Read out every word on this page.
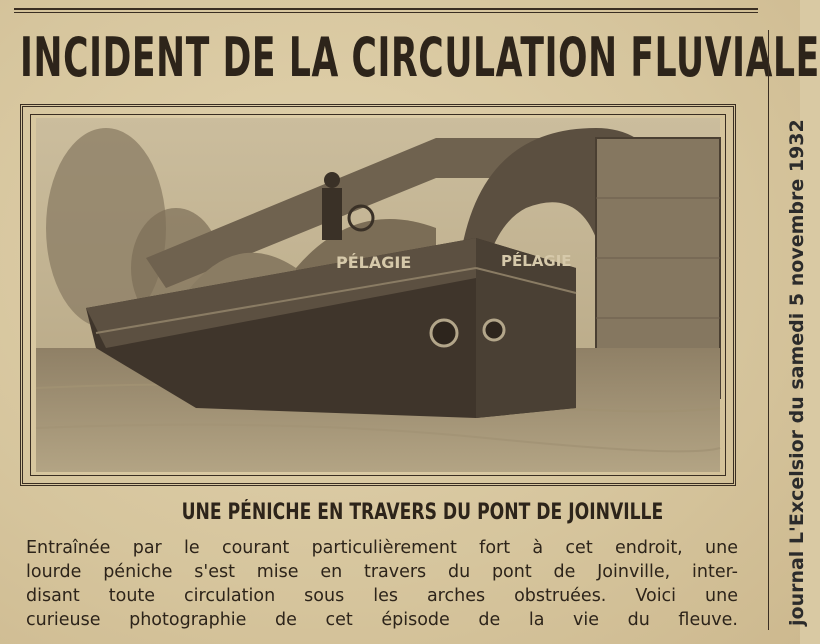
INCIDENT DE LA CIRCULATION FLUVIALE
PÉLAGIE	PÉLAGIE
UNE PÉNICHE EN TRAVERS DU PONT DE JOINVILLE
Entraînée par le courant particulièrement fort à cet endroit, une
lourde péniche s'est mise en travers du pont de Joinville, inter-
disant toute circulation sous les arches obstruées. Voici une
curieuse photographie de cet épisode de la vie du fleuve.	journal L'Excelsior du samedi 5 novembre 1932
